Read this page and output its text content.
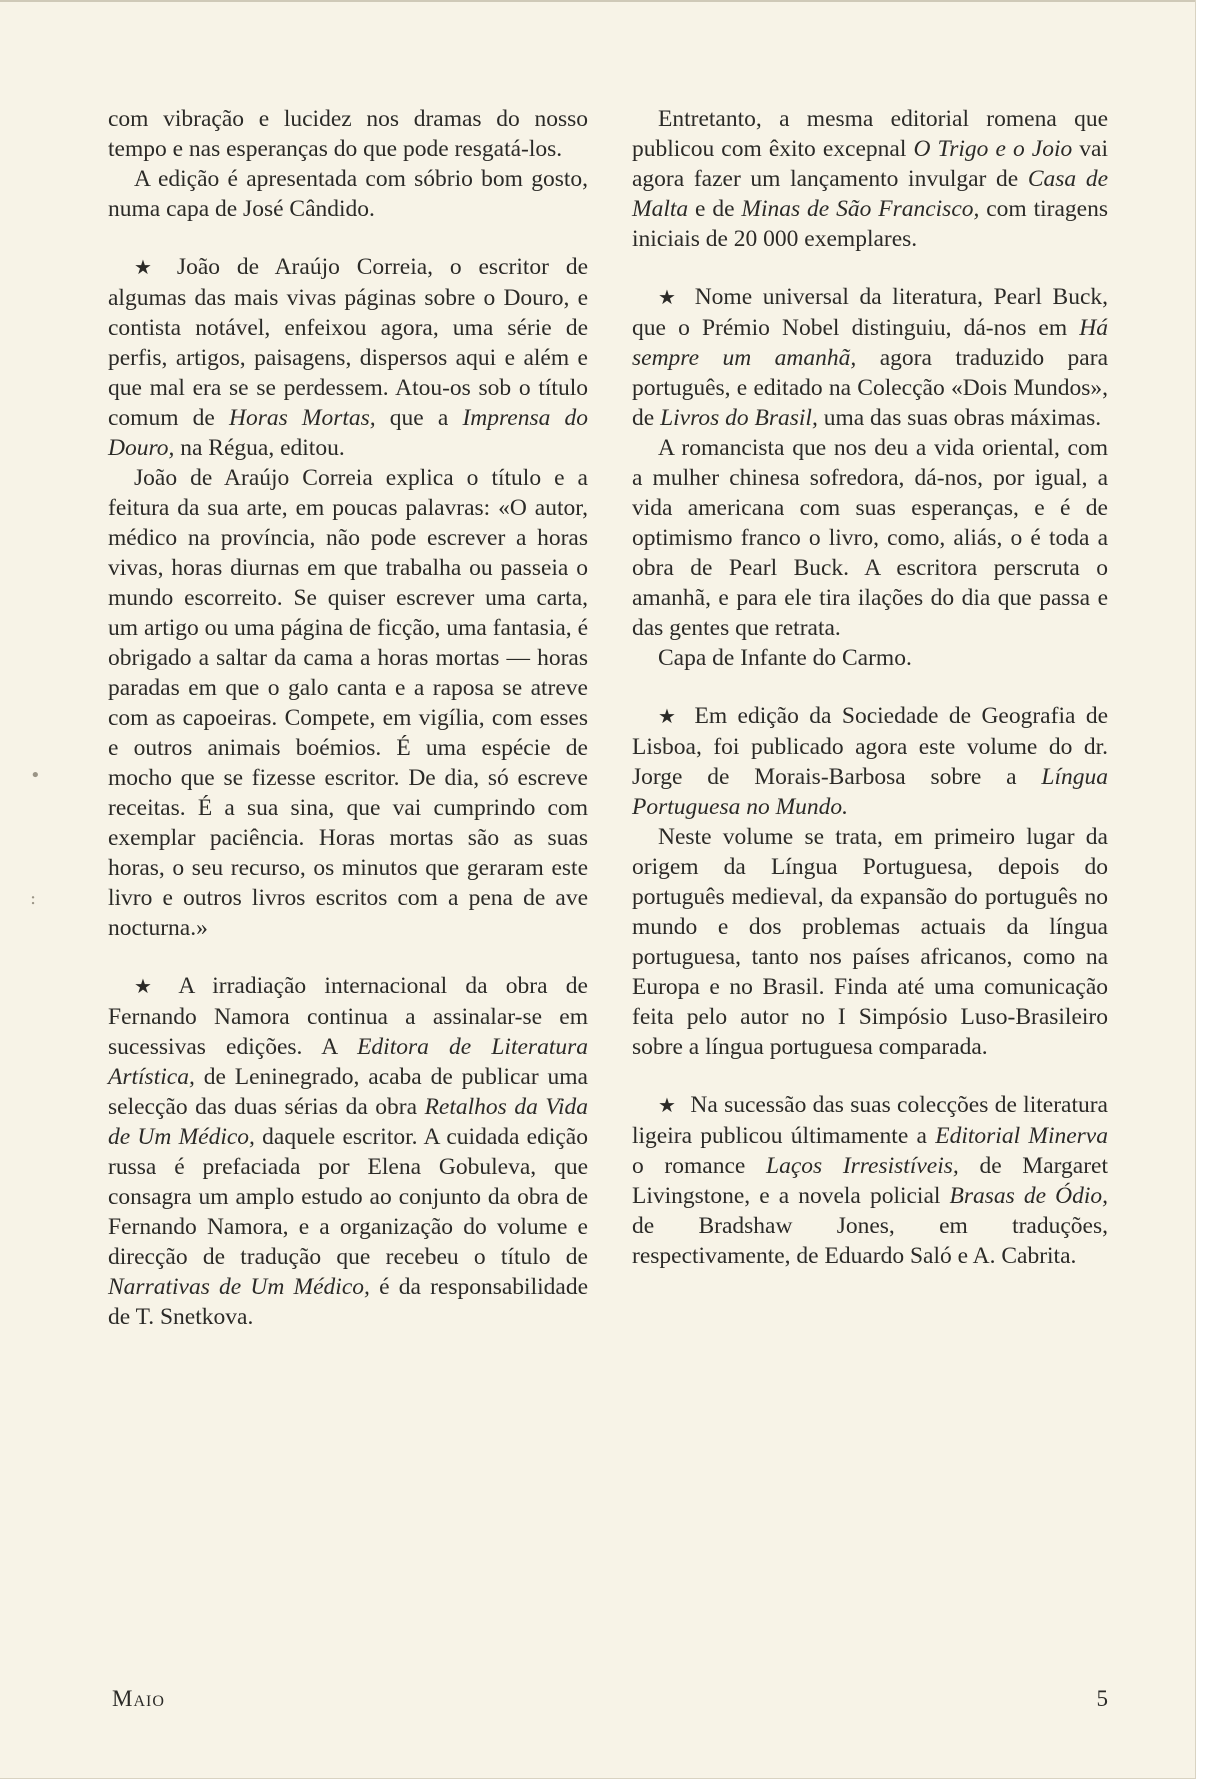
com vibração e lucidez nos dramas do nosso tempo e nas esperanças do que pode resgatá-los.

A edição é apresentada com sóbrio bom gosto, numa capa de José Cândido.

★ João de Araújo Correia, o escritor de algumas das mais vivas páginas sobre o Douro, e contista notável, enfeixou agora, uma série de perfis, artigos, paisagens, dispersos aqui e além e que mal era se se perdessem. Atou-os sob o título comum de Horas Mortas, que a Imprensa do Douro, na Régua, editou.

João de Araújo Correia explica o título e a feitura da sua arte, em poucas palavras: «O autor, médico na província, não pode escrever a horas vivas, horas diurnas em que trabalha ou passeia o mundo escorreito. Se quiser escrever uma carta, um artigo ou uma página de ficção, uma fantasia, é obrigado a saltar da cama a horas mortas — horas paradas em que o galo canta e a raposa se atreve com as capoeiras. Compete, em vigília, com esses e outros animais boémios. É uma espécie de mocho que se fizesse escritor. De dia, só escreve receitas. É a sua sina, que vai cumprindo com exemplar paciência. Horas mortas são as suas horas, o seu recurso, os minutos que geraram este livro e outros livros escritos com a pena de ave nocturna.»

★ A irradiação internacional da obra de Fernando Namora continua a assinalar-se em sucessivas edições. A Editora de Literatura Artística, de Leninegrado, acaba de publicar uma selecção das duas sérias da obra Retalhos da Vida de Um Médico, daquele escritor. A cuidada edição russa é prefaciada por Elena Gobuleva, que consagra um amplo estudo ao conjunto da obra de Fernando Namora, e a organização do volume e direcção de tradução que recebeu o título de Narrativas de Um Médico, é da responsabilidade de T. Snetkova.

Entretanto, a mesma editorial romena que publicou com êxito excepnal O Trigo e o Joio vai agora fazer um lançamento invulgar de Casa de Malta e de Minas de São Francisco, com tiragens iniciais de 20 000 exemplares.

★ Nome universal da literatura, Pearl Buck, que o Prémio Nobel distinguiu, dá-nos em Há sempre um amanhã, agora traduzido para português, e editado na Colecção «Dois Mundos», de Livros do Brasil, uma das suas obras máximas.

A romancista que nos deu a vida oriental, com a mulher chinesa sofredora, dá-nos, por igual, a vida americana com suas esperanças, e é de optimismo franco o livro, como, aliás, o é toda a obra de Pearl Buck. A escritora perscruta o amanhã, e para ele tira ilações do dia que passa e das gentes que retrata.

Capa de Infante do Carmo.

★ Em edição da Sociedade de Geografia de Lisboa, foi publicado agora este volume do dr. Jorge de Morais-Barbosa sobre a Língua Portuguesa no Mundo.

Neste volume se trata, em primeiro lugar da origem da Língua Portuguesa, depois do português medieval, da expansão do português no mundo e dos problemas actuais da língua portuguesa, tanto nos países africanos, como na Europa e no Brasil. Finda até uma comunicação feita pelo autor no I Simpósio Luso-Brasileiro sobre a língua portuguesa comparada.

★ Na sucessão das suas colecções de literatura ligeira publicou últimamente a Editorial Minerva o romance Laços Irresistíveis, de Margaret Livingstone, e a novela policial Brasas de Ódio, de Bradshaw Jones, em traduções, respectivamente, de Eduardo Saló e A. Cabrita.

Maio	5
•
:
